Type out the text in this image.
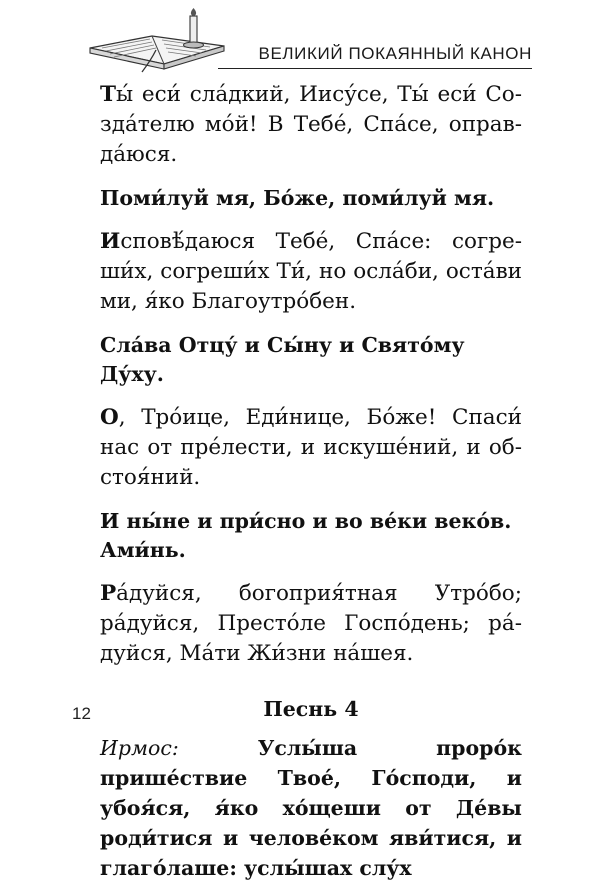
ВЕЛИКИЙ ПОКАЯННЫЙ КАНОН

Ты́ еси́ сла́дкий, Иису́се, Ты́ еси́ Созда́телю мо́й! В Тебе́, Спа́се, оправда́юся.

Поми́луй мя, Бо́же, поми́луй мя.

Исповѣ́даюся Тебе́, Спа́се: согреши́х, согреши́х Ти́, но осла́би, оста́ви ми, я́ко Благоутро́бен.

Сла́ва Отцу́ и Сы́ну и Свято́му Ду́ху.

О, Тро́ице, Еди́нице, Бо́же! Спаси́ нас от пре́лести, и искуше́ний, и обстоя́ний.

И ны́не и при́сно и во ве́ки веко́в. Ами́нь.

Ра́дуйся, богоприя́тная Утро́бо; ра́дуйся, Престо́ле Госпо́день; ра́дуйся, Ма́ти Жи́зни на́шея.

Песнь 4

Ирмос: Услы́ша проро́к прише́ствие Твое́, Го́споди, и убоя́ся, я́ко хо́щеши от Де́вы роди́тися и челове́ком яви́тися, и глаго́лаше: услы́шах слу́х

12
